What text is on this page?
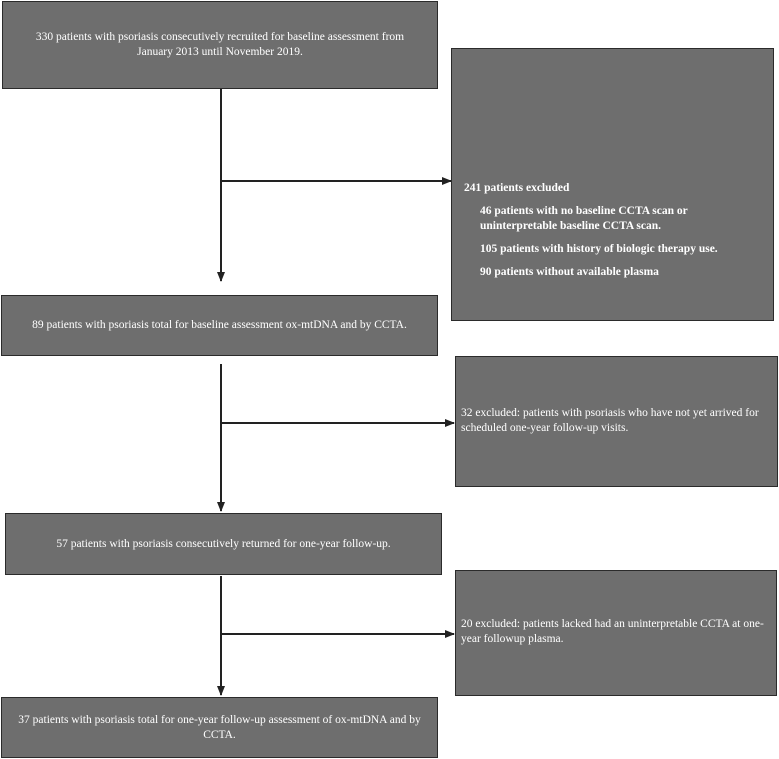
330 patients with psoriasis consecutively recruited for baseline assessment from January 2013 until November 2019.
241 patients excluded
46 patients with no baseline CCTA scan or uninterpretable baseline CCTA scan.
105 patients with history of biologic therapy use.
90 patients without available plasma
89 patients with psoriasis total for baseline assessment ox-mtDNA and by CCTA.
32 excluded: patients with psoriasis who have not yet arrived for scheduled one-year follow-up visits.
57 patients with psoriasis consecutively returned for one-year follow-up.
20 excluded: patients lacked had an uninterpretable CCTA at one-year followup plasma.
37 patients with psoriasis total for one-year follow-up assessment of ox-mtDNA and by CCTA.
